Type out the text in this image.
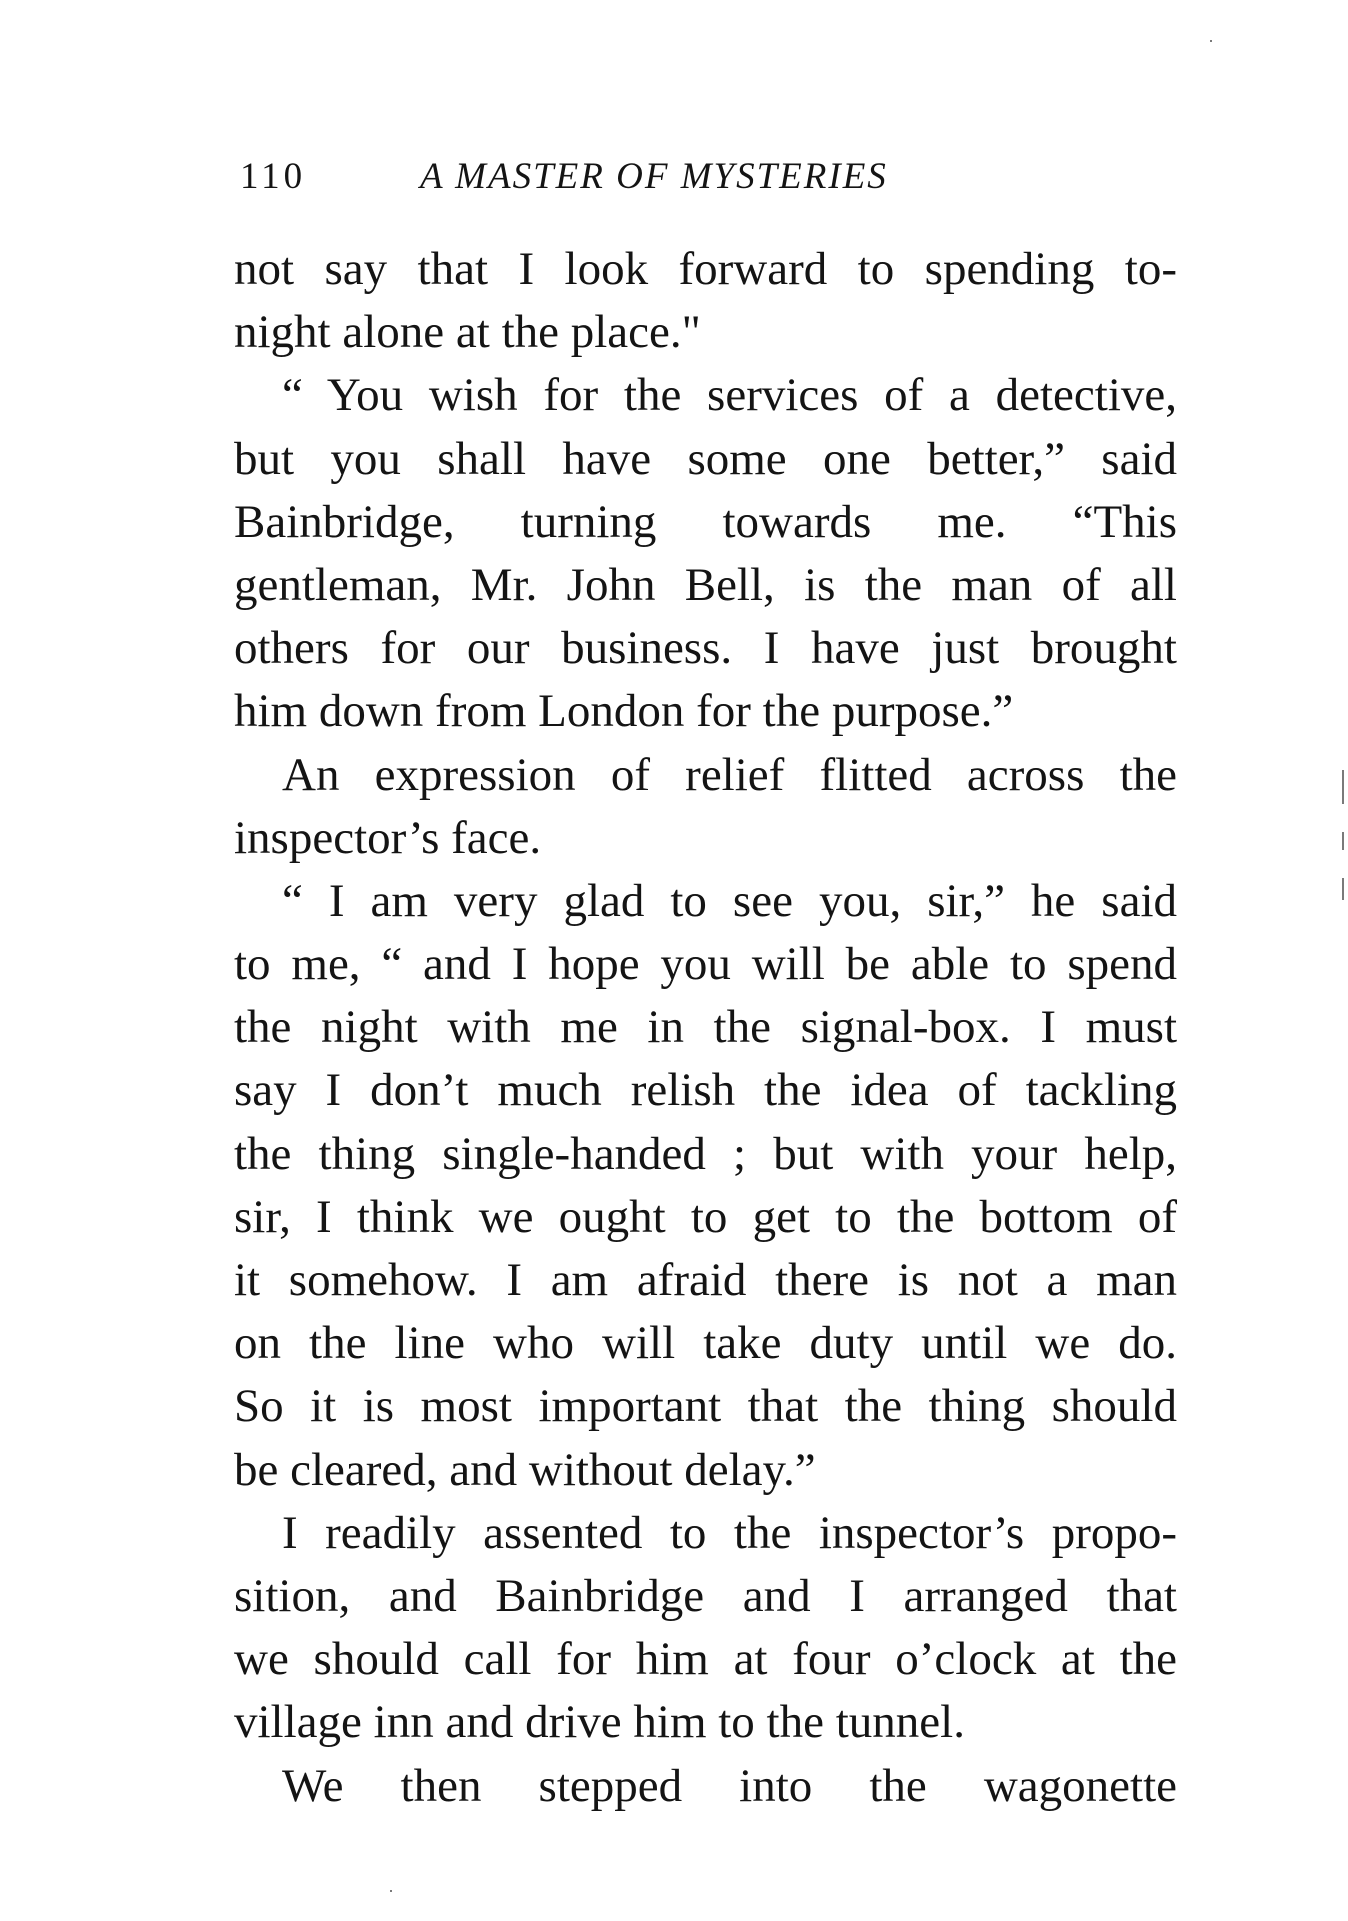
110	A MASTER OF MYSTERIES
not say that I look forward to spending to-
night alone at the place."
“ You wish for the services of a detective,
but you shall have some one better,” said
Bainbridge, turning towards me. “This
gentleman, Mr. John Bell, is the man of all
others for our business. I have just brought
him down from London for the purpose.”
An expression of relief flitted across the
inspector’s face.
“ I am very glad to see you, sir,” he said
to me, “ and I hope you will be able to spend
the night with me in the signal-box. I must
say I don’t much relish the idea of tackling
the thing single-handed ; but with your help,
sir, I think we ought to get to the bottom of
it somehow. I am afraid there is not a man
on the line who will take duty until we do.
So it is most important that the thing should
be cleared, and without delay.”
I readily assented to the inspector’s propo-
sition, and Bainbridge and I arranged that
we should call for him at four o’clock at the
village inn and drive him to the tunnel.
We then stepped into the wagonette
